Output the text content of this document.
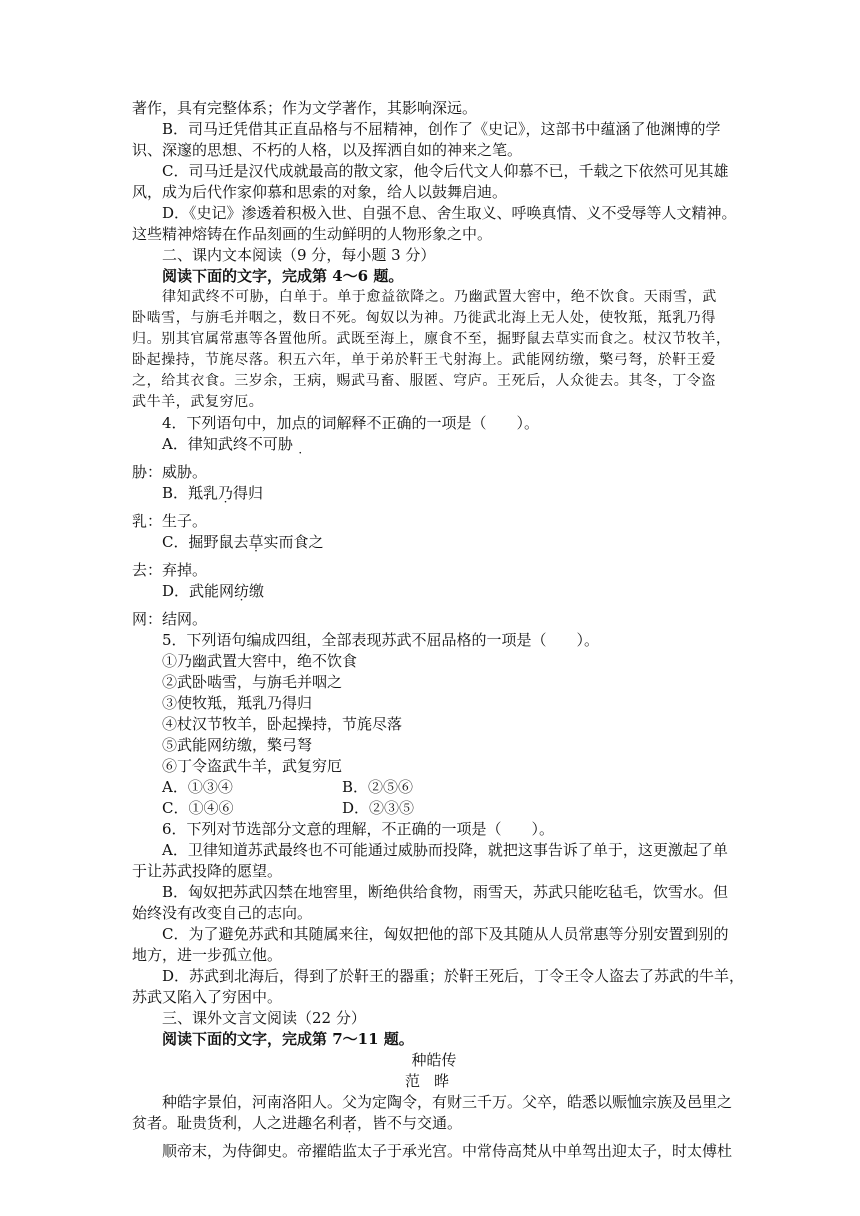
著作，具有完整体系；作为文学著作，其影响深远。

B．司马迁凭借其正直品格与不屈精神，创作了《史记》，这部书中蕴涵了他渊博的学

识、深邃的思想、不朽的人格，以及挥洒自如的神来之笔。

C．司马迁是汉代成就最高的散文家，他令后代文人仰慕不已，千载之下依然可见其雄

风，成为后代作家仰慕和思索的对象，给人以鼓舞启迪。

D．《史记》渗透着积极入世、自强不息、舍生取义、呼唤真情、义不受辱等人文精神。

这些精神熔铸在作品刻画的生动鲜明的人物形象之中。

二、课内文本阅读（9 分，每小题 3 分）

阅读下面的文字，完成第 4～6 题。

律知武终不可胁，白单于。单于愈益欲降之。乃幽武置大窖中，绝不饮食。天雨雪，武

卧啮雪，与旃毛并咽之，数日不死。匈奴以为神。乃徙武北海上无人处，使牧羝，羝乳乃得

归。别其官属常惠等各置他所。武既至海上，廪食不至，掘野鼠去草实而食之。杖汉节牧羊，

卧起操持，节旄尽落。积五六年，单于弟於靬王弋射海上。武能网纺缴，檠弓弩，於靬王爱

之，给其衣食。三岁余，王病，赐武马畜、服匿、穹庐。王死后，人众徙去。其冬，丁令盗

武牛羊，武复穷厄。

4．下列语句中，加点的词解释不正确的一项是（　　）。

A．律知武终不可胁

胁：威胁。

B．羝乳乃得归

乳：生子。

C．掘野鼠去草实而食之

去：弃掉。

D．武能网纺缴

网：结网。

5．下列语句编成四组，全部表现苏武不屈品格的一项是（　　）。

①乃幽武置大窖中，绝不饮食

②武卧啮雪，与旃毛并咽之

③使牧羝，羝乳乃得归

④杖汉节牧羊，卧起操持，节旄尽落

⑤武能网纺缴，檠弓弩

⑥丁令盗武牛羊，武复穷厄

A．①③④	B．②⑤⑥
C．①④⑥	D．②③⑤

6．下列对节选部分文意的理解，不正确的一项是（　　）。

A．卫律知道苏武最终也不可能通过威胁而投降，就把这事告诉了单于，这更激起了单

于让苏武投降的愿望。

B．匈奴把苏武囚禁在地窖里，断绝供给食物，雨雪天，苏武只能吃毡毛，饮雪水。但

始终没有改变自己的志向。

C．为了避免苏武和其随属来往，匈奴把他的部下及其随从人员常惠等分别安置到别的

地方，进一步孤立他。

D．苏武到北海后，得到了於靬王的器重；於靬王死后，丁令王令人盗去了苏武的牛羊，

苏武又陷入了穷困中。

三、课外文言文阅读（22 分）

阅读下面的文字，完成第 7～11 题。

种皓传

范晔

种皓字景伯，河南洛阳人。父为定陶令，有财三千万。父卒，皓悉以赈恤宗族及邑里之

贫者。耻贵货利，人之进趣名利者，皆不与交通。

顺帝末，为侍御史。帝擢皓监太子于承光宫。中常侍高梵从中单驾出迎太子，时太傅杜
